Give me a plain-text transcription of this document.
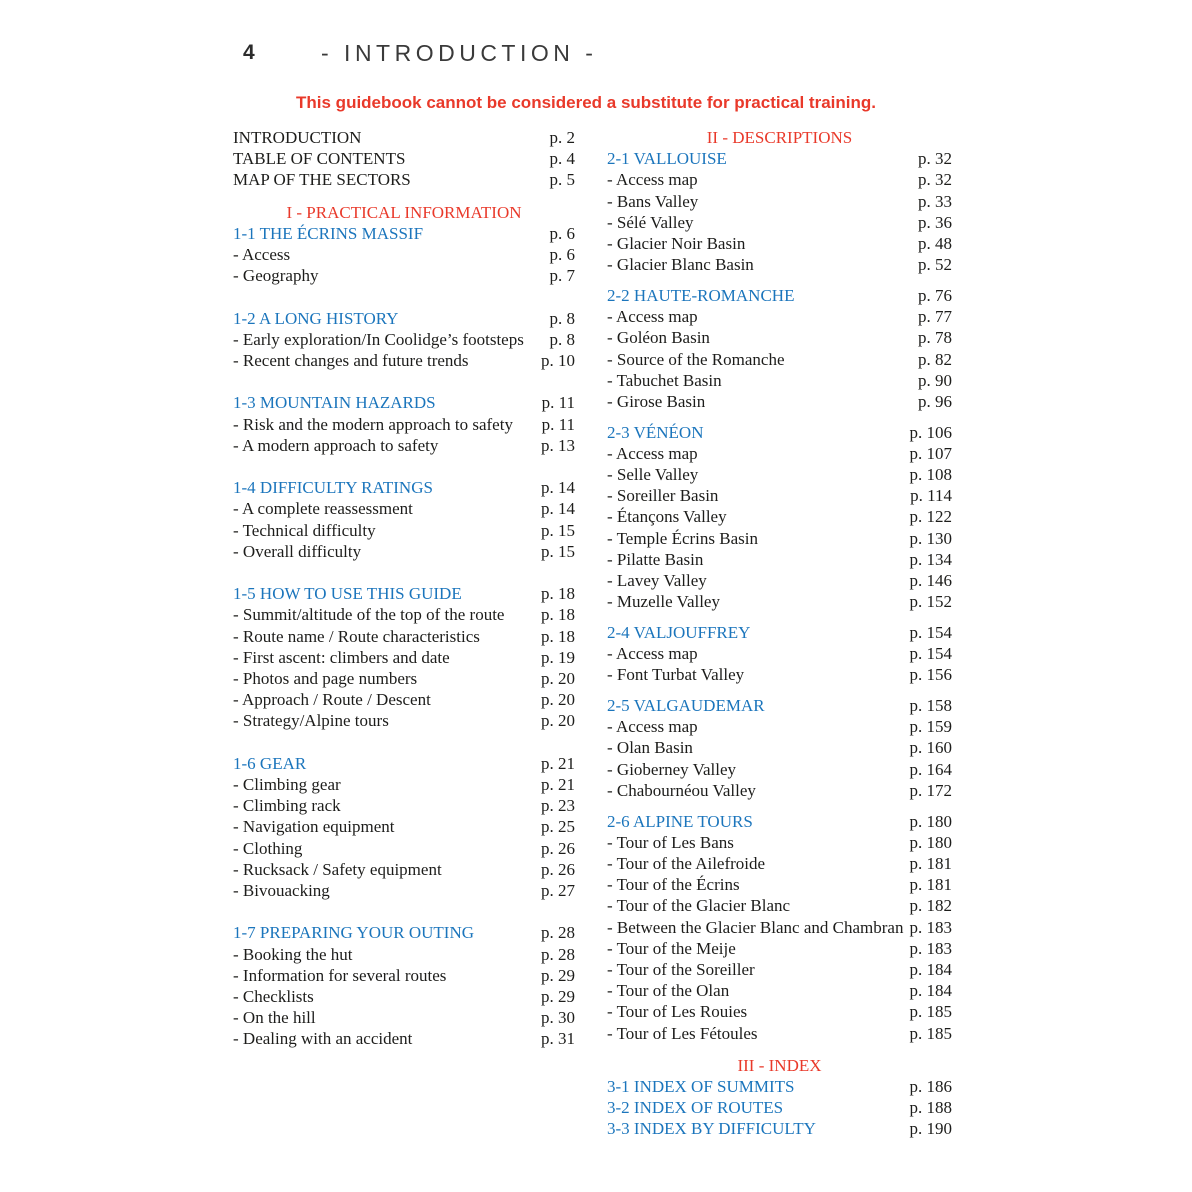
4	- INTRODUCTION -
This guidebook cannot be considered a substitute for practical training.
INTRODUCTION	p. 2
TABLE OF CONTENTS	p. 4
MAP OF THE SECTORS	p. 5
I - PRACTICAL INFORMATION
1-1 THE ÉCRINS MASSIF	p. 6
- Access	p. 6
- Geography	p. 7
1-2 A LONG HISTORY	p. 8
- Early exploration/In Coolidge’s footsteps	p. 8
- Recent changes and future trends	p. 10
1-3 MOUNTAIN HAZARDS	p. 11
- Risk and the modern approach to safety	p. 11
- A modern approach to safety	p. 13
1-4 DIFFICULTY RATINGS	p. 14
- A complete reassessment	p. 14
- Technical difficulty	p. 15
- Overall difficulty	p. 15
1-5 HOW TO USE THIS GUIDE	p. 18
- Summit/altitude of the top of the route	p. 18
- Route name / Route characteristics	p. 18
- First ascent: climbers and date	p. 19
- Photos and page numbers	p. 20
- Approach / Route / Descent	p. 20
- Strategy/Alpine tours	p. 20
1-6 GEAR	p. 21
- Climbing gear	p. 21
- Climbing rack	p. 23
- Navigation equipment	p. 25
- Clothing	p. 26
- Rucksack / Safety equipment	p. 26
- Bivouacking	p. 27
1-7 PREPARING YOUR OUTING	p. 28
- Booking the hut	p. 28
- Information for several routes	p. 29
- Checklists	p. 29
- On the hill	p. 30
- Dealing with an accident	p. 31
II - DESCRIPTIONS
2-1 VALLOUISE	p. 32
- Access map	p. 32
- Bans Valley	p. 33
- Sélé Valley	p. 36
- Glacier Noir Basin	p. 48
- Glacier Blanc Basin	p. 52
2-2 HAUTE-ROMANCHE	p. 76
- Access map	p. 77
- Goléon Basin	p. 78
- Source of the Romanche	p. 82
- Tabuchet Basin	p. 90
- Girose Basin	p. 96
2-3 VÉNÉON	p. 106
- Access map	p. 107
- Selle Valley	p. 108
- Soreiller Basin	p. 114
- Étançons Valley	p. 122
- Temple Écrins Basin	p. 130
- Pilatte Basin	p. 134
- Lavey Valley	p. 146
- Muzelle Valley	p. 152
2-4 VALJOUFFREY	p. 154
- Access map	p. 154
- Font Turbat Valley	p. 156
2-5 VALGAUDEMAR	p. 158
- Access map	p. 159
- Olan Basin	p. 160
- Gioberney Valley	p. 164
- Chabournéou Valley	p. 172
2-6 ALPINE TOURS	p. 180
- Tour of Les Bans	p. 180
- Tour of the Ailefroide	p. 181
- Tour of the Écrins	p. 181
- Tour of the Glacier Blanc	p. 182
- Between the Glacier Blanc and Chambran p. 183
- Tour of the Meije	p. 183
- Tour of the Soreiller	p. 184
- Tour of the Olan	p. 184
- Tour of Les Rouies	p. 185
- Tour of Les Fétoules	p. 185
III - INDEX
3-1 INDEX OF SUMMITS	p. 186
3-2 INDEX OF ROUTES	p. 188
3-3 INDEX BY DIFFICULTY	p. 190
